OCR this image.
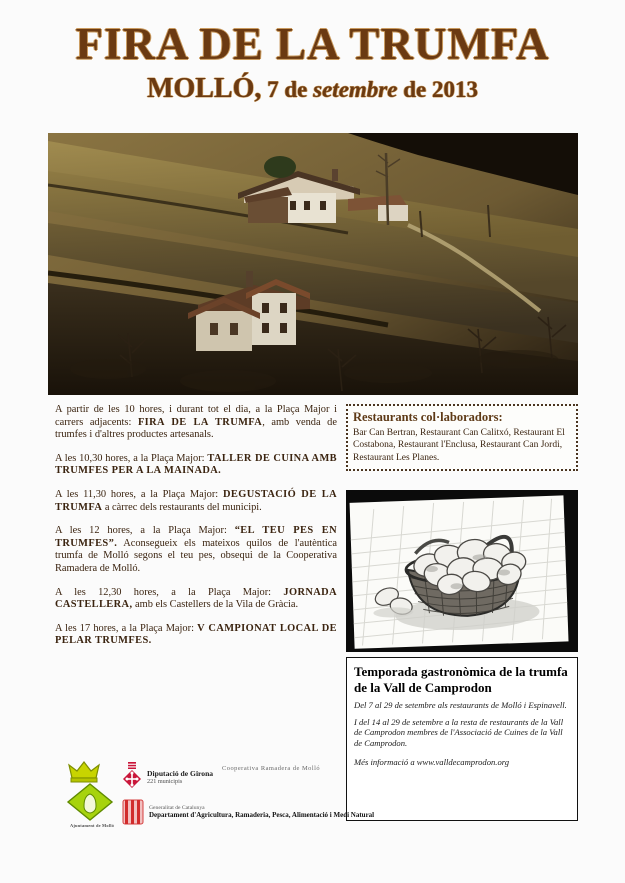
FIRA DE LA TRUMFA
MOLLÓ, 7 de setembre de 2013

A partir de les 10 hores, i durant tot el dia, a la Plaça Major i carrers adjacents: FIRA DE LA TRUMFA, amb venda de trumfes i d'altres productes artesanals.

A les 10,30 hores, a la Plaça Major: TALLER DE CUINA AMB TRUMFES PER A LA MAINADA.

A les 11,30 hores, a la Plaça Major: DEGUSTACIÓ DE LA TRUMFA a càrrec dels restaurants del municipi.

A les 12 hores, a la Plaça Major: “EL TEU PES EN TRUMFES”. Aconsegueix els mateixos quilos de l'autèntica trumfa de Molló segons el teu pes, obsequi de la Cooperativa Ramadera de Molló.

A les 12,30 hores, a la Plaça Major: JORNADA CASTELLERA, amb els Castellers de la Vila de Gràcia.

A les 17 hores, a la Plaça Major: V CAMPIONAT LOCAL DE PELAR TRUMFES.

Restaurants col·laboradors:
Bar Can Bertran, Restaurant Can Calitxó, Restaurant El Costabona, Restaurant l'Enclusa, Restaurant Can Jordi, Restaurant Les Planes.
Temporada gastronòmica de la trumfa de la Vall de Camprodon
Del 7 al 29 de setembre als restaurants de Molló i Espinavell.
I del 14 al 29 de setembre a la resta de restaurants de la Vall de Camprodon membres de l'Associació de Cuines de la Vall de Camprodon.
Més informació a www.valldecamprodon.org
Ajuntament de Molló
Diputació de Girona
221 municipis
Generalitat de Catalunya
Departament d'Agricultura, Ramaderia, Pesca, Alimentació i Medi Natural
Cooperativa Ramadera de Molló
